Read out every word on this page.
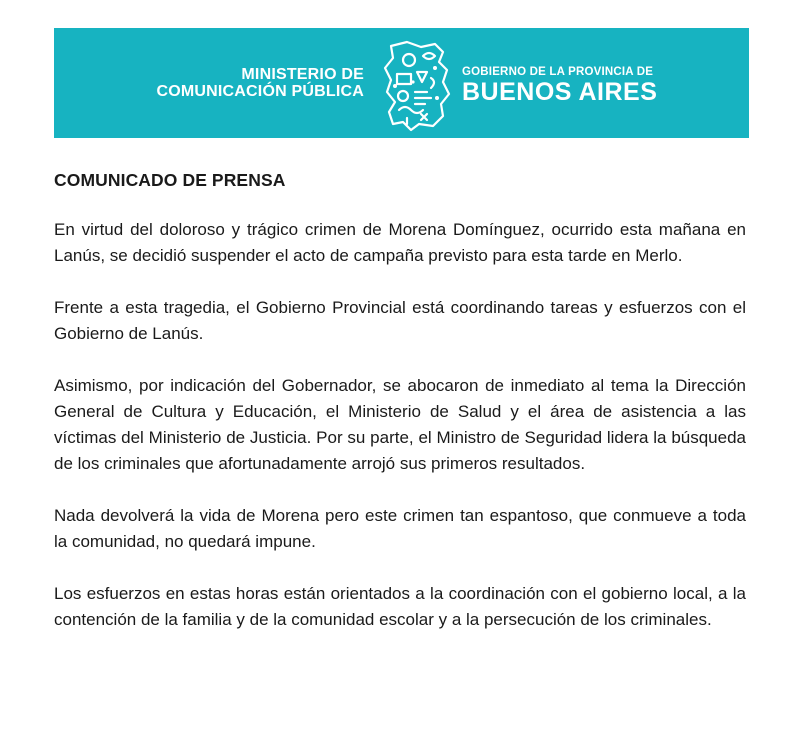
MINISTERIO DE
COMUNICACIÓN PÚBLICA
GOBIERNO DE LA PROVINCIA DE
BUENOS AIRES
COMUNICADO DE PRENSA

En virtud del doloroso y trágico crimen de Morena Domínguez, ocurrido esta mañana en Lanús, se decidió suspender el acto de campaña previsto para esta tarde en Merlo.

Frente a esta tragedia, el Gobierno Provincial está coordinando tareas y esfuerzos con el Gobierno de Lanús.

Asimismo, por indicación del Gobernador, se abocaron de inmediato al tema la Dirección General de Cultura y Educación, el Ministerio de Salud y el área de asistencia a las víctimas del Ministerio de Justicia. Por su parte, el Ministro de Seguridad lidera la búsqueda de los criminales que afortunadamente arrojó sus primeros resultados.

Nada devolverá la vida de Morena pero este crimen tan espantoso, que conmueve a toda la comunidad, no quedará impune.

Los esfuerzos en estas horas están orientados a la coordinación con el gobierno local, a la contención de la familia y de la comunidad escolar y a la persecución de los criminales.
